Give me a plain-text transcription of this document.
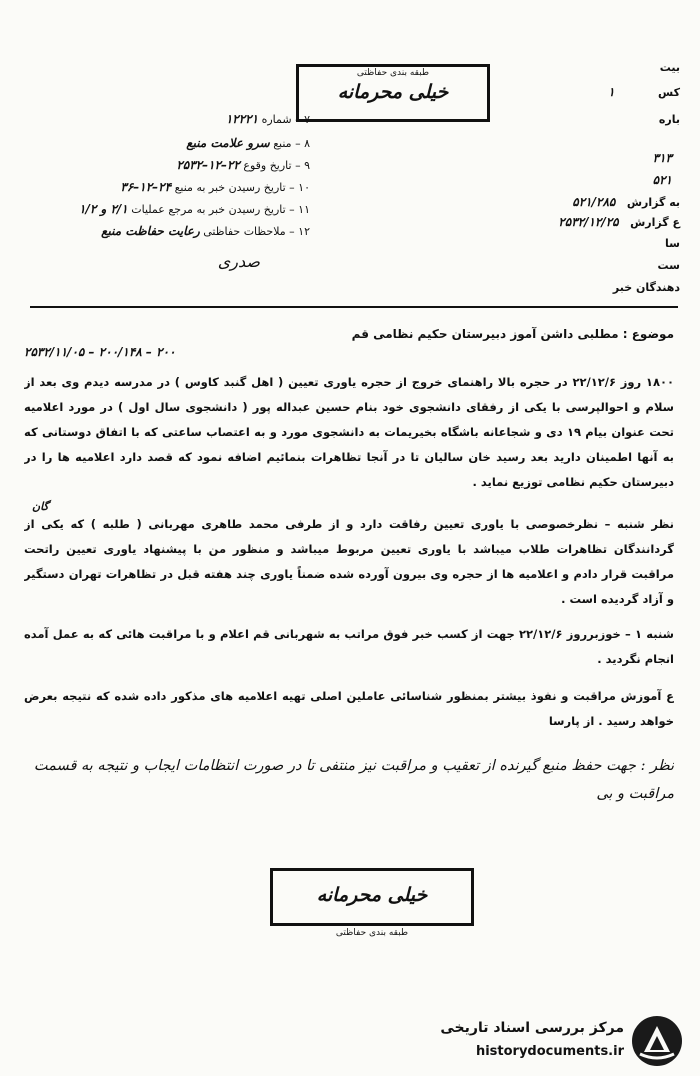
طبقه بندی حفاظتی
خیلی محرمانه
۷ – شماره ۱۲۲۲۱
۸ – منبع سرو علامت منبع
۹ – تاریخ وقوع ۲۲–۱۲–۲۵۳۲
۱۰ – تاریخ رسیدن خبر به منبع ۲۴–۱۲–۳۶
۱۱ – تاریخ رسیدن خبر به مرجع عملیات ۲/۱ و ۱/۲
۱۲ – ملاحظات حفاظتی رعایت حفاظت منبع
صدری
بیت
کس ۱
باره
۳۱۳
۵۲۱
به گزارش ۵۲۱/۲۸۵
ع گزارش ۲۵۳۲/۱۲/۲۵
سا
ست
دهندگان خبر
موضوع : مطلبی داشن آموز دبیرستان حکیم نظامی قم
۲۵۳۲/۱۱/۰۵ – ۲۰۰/۱۴۸ – ۲۰۰
۱۸۰۰ روز ۲۲/۱۲/۶ در حجره بالا راهنمای خروج از حجره یاوری تعیین ( اهل گنبد کاوس ) در مدرسه دیدم وی بعد از سلام و احوالپرسی با یکی از رفقای دانشجوی خود بنام حسین عبداله پور ( دانشجوی سال اول ) در مورد اعلامیه تحت عنوان بیام ۱۹ دی و شجاعانه باشگاه بخیریمات به دانشجوی مورد و به اعتصاب ساعتی که با اتفاق دوستانی که به آنها اطمینان دارید بعد رسید خان سالیان تا در آنجا تظاهرات بنمائیم اضافه نمود که قصد دارد اعلامیه ها را در دبیرستان حکیم نظامی توزیع نماید .
گان
نظر شنبه – نظرخصوصی با یاوری تعیین رفاقت دارد و از طرفی محمد طاهری مهربانی ( طلبه ) که یکی از گردانندگان تظاهرات طلاب میباشد با یاوری تعیین مربوط میباشد و منظور من با پیشنهاد یاوری تعیین راتحت مراقبت قرار دادم و اعلامیه ها از حجره وی بیرون آورده شده ضمناً یاوری چند هفته قبل در تظاهرات تهران دستگیر و آزاد گردیده است .
شنبه ۱ – خوزبرروز ۲۲/۱۲/۶ جهت از کسب خبر فوق مراتب به شهربانی قم اعلام و با مراقبت هائی که به عمل آمده انجام نگردید .
ع آموزش مراقبت و نفوذ بیشتر بمنظور شناسائی عاملین اصلی تهیه اعلامیه های مذکور داده شده که نتیجه بعرض خواهد رسید . از پارسا
نظر : جهت حفظ منبع گیرنده از تعقیب و مراقبت نیز منتفی تا در صورت انتظامات ایجاب و نتیجه به قسمت مراقبت و بی
خیلی محرمانه
طبقه بندی حفاظتی
مرکز بررسی اسناد تاریخی
historydocuments.ir
